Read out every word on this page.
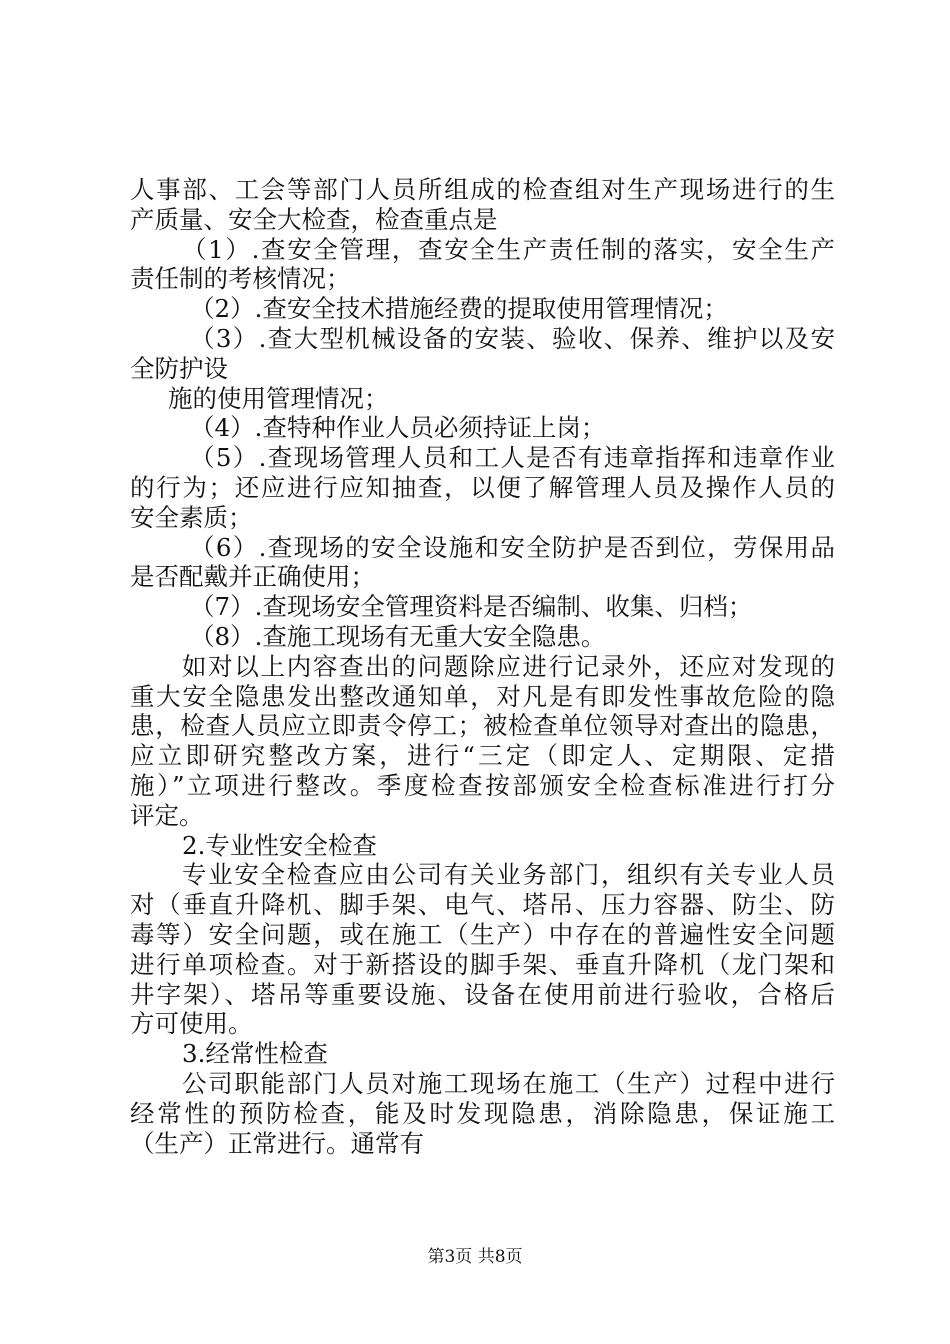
人事部、工会等部门人员所组成的检查组对生产现场进行的生
产质量、安全大检查，检查重点是
（1）.查安全管理，查安全生产责任制的落实，安全生产
责任制的考核情况；
（2）.查安全技术措施经费的提取使用管理情况；
（3）.查大型机械设备的安装、验收、保养、维护以及安
全防护设
施的使用管理情况；
（4）.查特种作业人员必须持证上岗；
（5）.查现场管理人员和工人是否有违章指挥和违章作业
的行为；还应进行应知抽查，以便了解管理人员及操作人员的
安全素质；
（6）.查现场的安全设施和安全防护是否到位，劳保用品
是否配戴并正确使用；
（7）.查现场安全管理资料是否编制、收集、归档；
（8）.查施工现场有无重大安全隐患。
如对以上内容查出的问题除应进行记录外，还应对发现的
重大安全隐患发出整改通知单，对凡是有即发性事故危险的隐
患，检查人员应立即责令停工；被检查单位领导对查出的隐患，
应立即研究整改方案，进行“三定（即定人、定期限、定措
施）”立项进行整改。季度检查按部颁安全检查标准进行打分
评定。
2.专业性安全检查
专业安全检查应由公司有关业务部门，组织有关专业人员
对（垂直升降机、脚手架、电气、塔吊、压力容器、防尘、防
毒等）安全问题，或在施工（生产）中存在的普遍性安全问题
进行单项检查。对于新搭设的脚手架、垂直升降机（龙门架和
井字架）、塔吊等重要设施、设备在使用前进行验收，合格后
方可使用。
3.经常性检查
公司职能部门人员对施工现场在施工（生产）过程中进行
经常性的预防检查，能及时发现隐患，消除隐患，保证施工
（生产）正常进行。通常有
第3页 共8页
